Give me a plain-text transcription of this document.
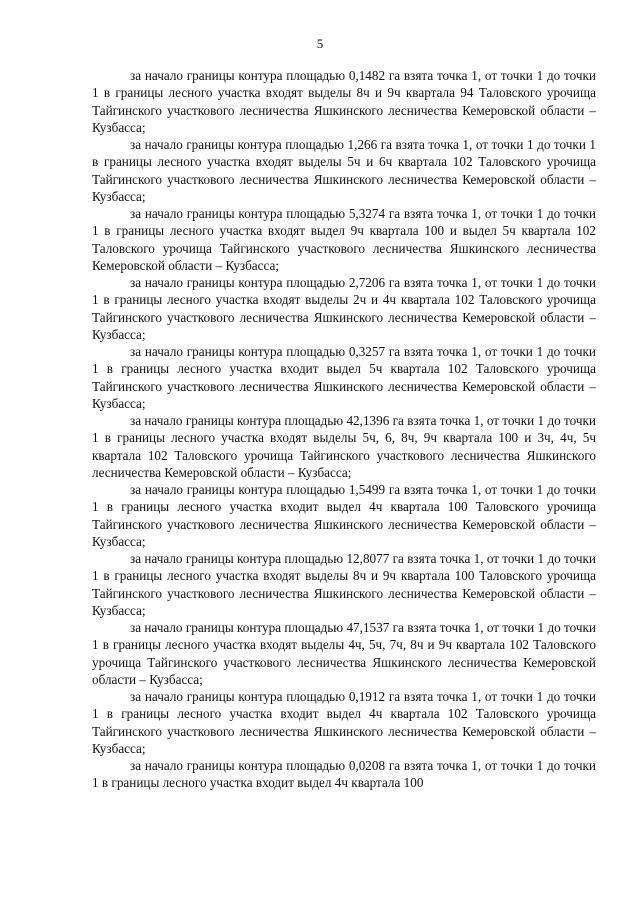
5

за начало границы контура площадью 0,1482 га взята точка 1, от точки 1 до точки 1 в границы лесного участка входят выделы 8ч и 9ч квартала 94 Таловского урочища Тайгинского участкового лесничества Яшкинского лесничества Кемеровской области – Кузбасса;

за начало границы контура площадью 1,266 га взята точка 1, от точки 1 до точки 1 в границы лесного участка входят выделы 5ч и 6ч квартала 102 Таловского урочища Тайгинского участкового лесничества Яшкинского лесничества Кемеровской области – Кузбасса;

за начало границы контура площадью 5,3274 га взята точка 1, от точки 1 до точки 1 в границы лесного участка входят выдел 9ч квартала 100 и выдел 5ч квартала 102 Таловского урочища Тайгинского участкового лесничества Яшкинского лесничества Кемеровской области – Кузбасса;

за начало границы контура площадью 2,7206 га взята точка 1, от точки 1 до точки 1 в границы лесного участка входят выделы 2ч и 4ч квартала 102 Таловского урочища Тайгинского участкового лесничества Яшкинского лесничества Кемеровской области – Кузбасса;

за начало границы контура площадью 0,3257 га взята точка 1, от точки 1 до точки 1 в границы лесного участка входит выдел 5ч квартала 102 Таловского урочища Тайгинского участкового лесничества Яшкинского лесничества Кемеровской области – Кузбасса;

за начало границы контура площадью 42,1396 га взята точка 1, от точки 1 до точки 1 в границы лесного участка входят выделы 5ч, 6, 8ч, 9ч квартала 100 и 3ч, 4ч, 5ч квартала 102 Таловского урочища Тайгинского участкового лесничества Яшкинского лесничества Кемеровской области – Кузбасса;

за начало границы контура площадью 1,5499 га взята точка 1, от точки 1 до точки 1 в границы лесного участка входит выдел 4ч квартала 100 Таловского урочища Тайгинского участкового лесничества Яшкинского лесничества Кемеровской области – Кузбасса;

за начало границы контура площадью 12,8077 га взята точка 1, от точки 1 до точки 1 в границы лесного участка входят выделы 8ч и 9ч квартала 100 Таловского урочища Тайгинского участкового лесничества Яшкинского лесничества Кемеровской области – Кузбасса;

за начало границы контура площадью 47,1537 га взята точка 1, от точки 1 до точки 1 в границы лесного участка входят выделы 4ч, 5ч, 7ч, 8ч и 9ч квартала 102 Таловского урочища Тайгинского участкового лесничества Яшкинского лесничества Кемеровской области – Кузбасса;

за начало границы контура площадью 0,1912 га взята точка 1, от точки 1 до точки 1 в границы лесного участка входит выдел 4ч квартала 102 Таловского урочища Тайгинского участкового лесничества Яшкинского лесничества Кемеровской области – Кузбасса;

за начало границы контура площадью 0,0208 га взята точка 1, от точки 1 до точки 1 в границы лесного участка входит выдел 4ч квартала 100
